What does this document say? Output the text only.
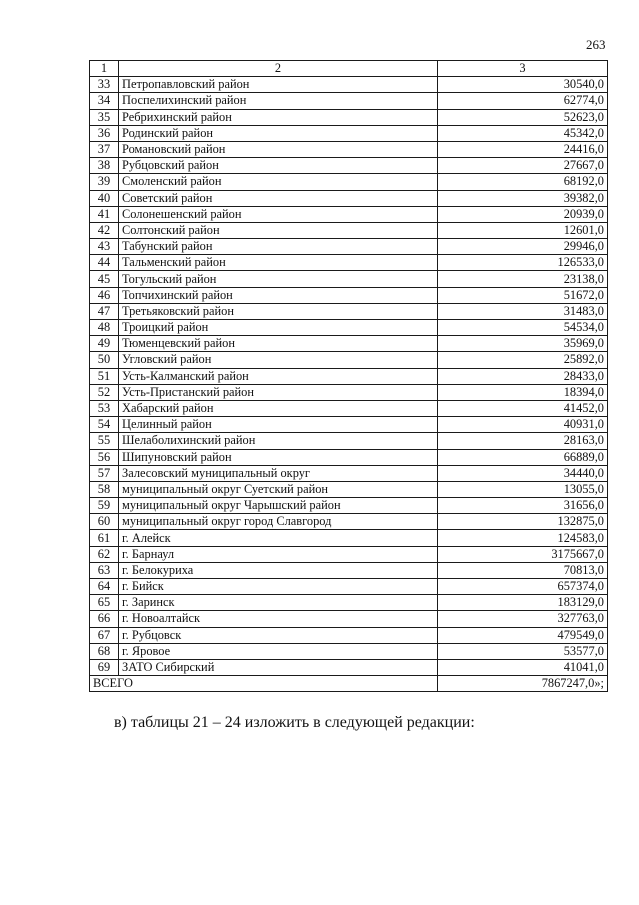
263
1	2	3
33	Петропавловский район	30540,0
34	Поспелихинский район	62774,0
35	Ребрихинский район	52623,0
36	Родинский район	45342,0
37	Романовский район	24416,0
38	Рубцовский район	27667,0
39	Смоленский район	68192,0
40	Советский район	39382,0
41	Солонешенский район	20939,0
42	Солтонский район	12601,0
43	Табунский район	29946,0
44	Тальменский район	126533,0
45	Тогульский район	23138,0
46	Топчихинский район	51672,0
47	Третьяковский район	31483,0
48	Троицкий район	54534,0
49	Тюменцевский район	35969,0
50	Угловский район	25892,0
51	Усть-Калманский район	28433,0
52	Усть-Пристанский район	18394,0
53	Хабарский район	41452,0
54	Целинный район	40931,0
55	Шелаболихинский район	28163,0
56	Шипуновский район	66889,0
57	Залесовский муниципальный округ	34440,0
58	муниципальный округ Суетский район	13055,0
59	муниципальный округ Чарышский район	31656,0
60	муниципальный округ город Славгород	132875,0
61	г. Алейск	124583,0
62	г. Барнаул	3175667,0
63	г. Белокуриха	70813,0
64	г. Бийск	657374,0
65	г. Заринск	183129,0
66	г. Новоалтайск	327763,0
67	г. Рубцовск	479549,0
68	г. Яровое	53577,0
69	ЗАТО Сибирский	41041,0
ВСЕГО		7867247,0»;
в) таблицы 21 – 24 изложить в следующей редакции:
